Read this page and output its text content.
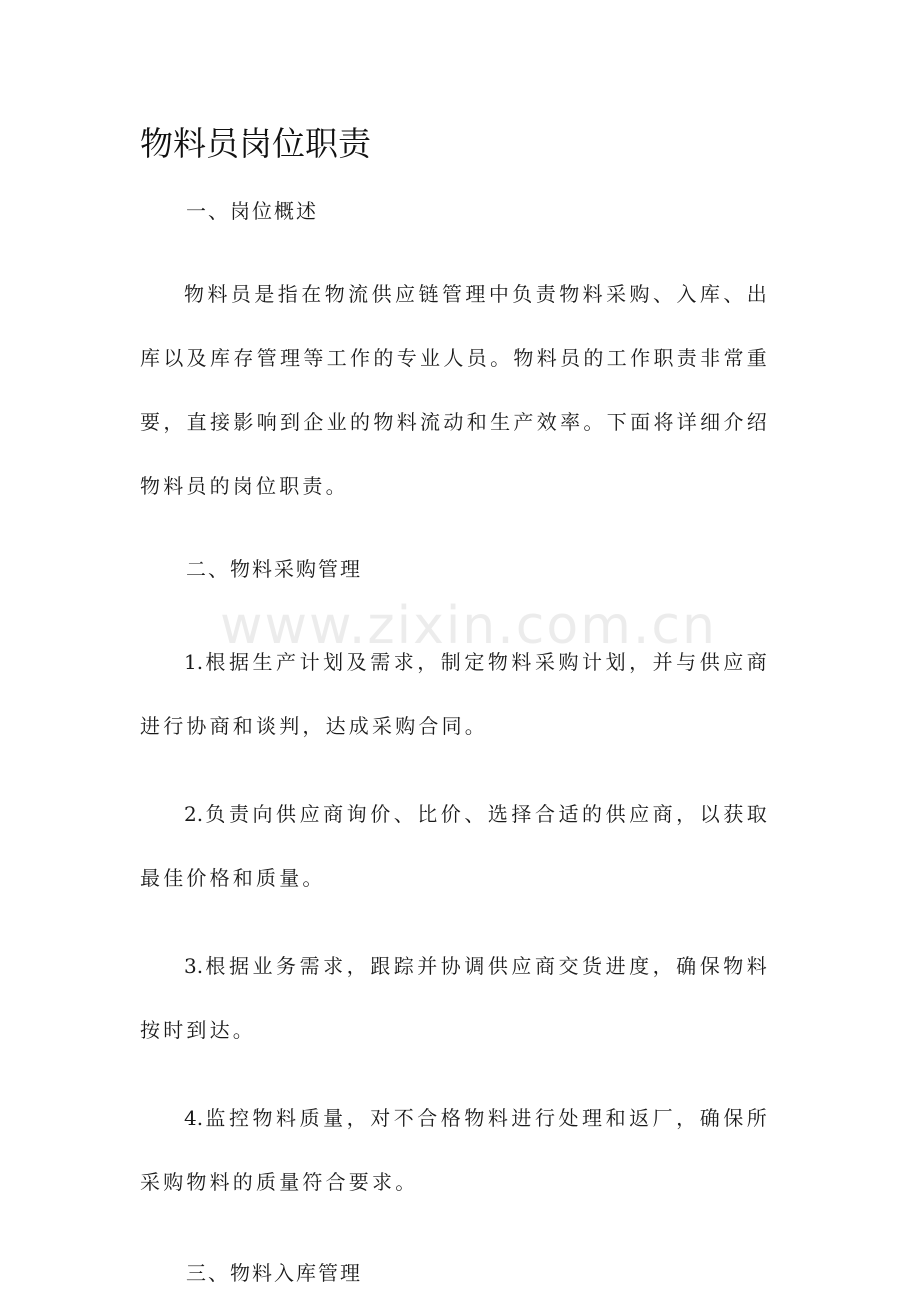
物料员岗位职责

一、岗位概述

物料员是指在物流供应链管理中负责物料采购、入库、出库以及库存管理等工作的专业人员。物料员的工作职责非常重要，直接影响到企业的物料流动和生产效率。下面将详细介绍物料员的岗位职责。

二、物料采购管理

1. 根据生产计划及需求，制定物料采购计划，并与供应商进行协商和谈判，达成采购合同。

2. 负责向供应商询价、比价、选择合适的供应商，以获取最佳价格和质量。

3. 根据业务需求，跟踪并协调供应商交货进度，确保物料按时到达。

4. 监控物料质量，对不合格物料进行处理和返厂，确保所采购物料的质量符合要求。

三、物料入库管理

www.zixin.com.cn
